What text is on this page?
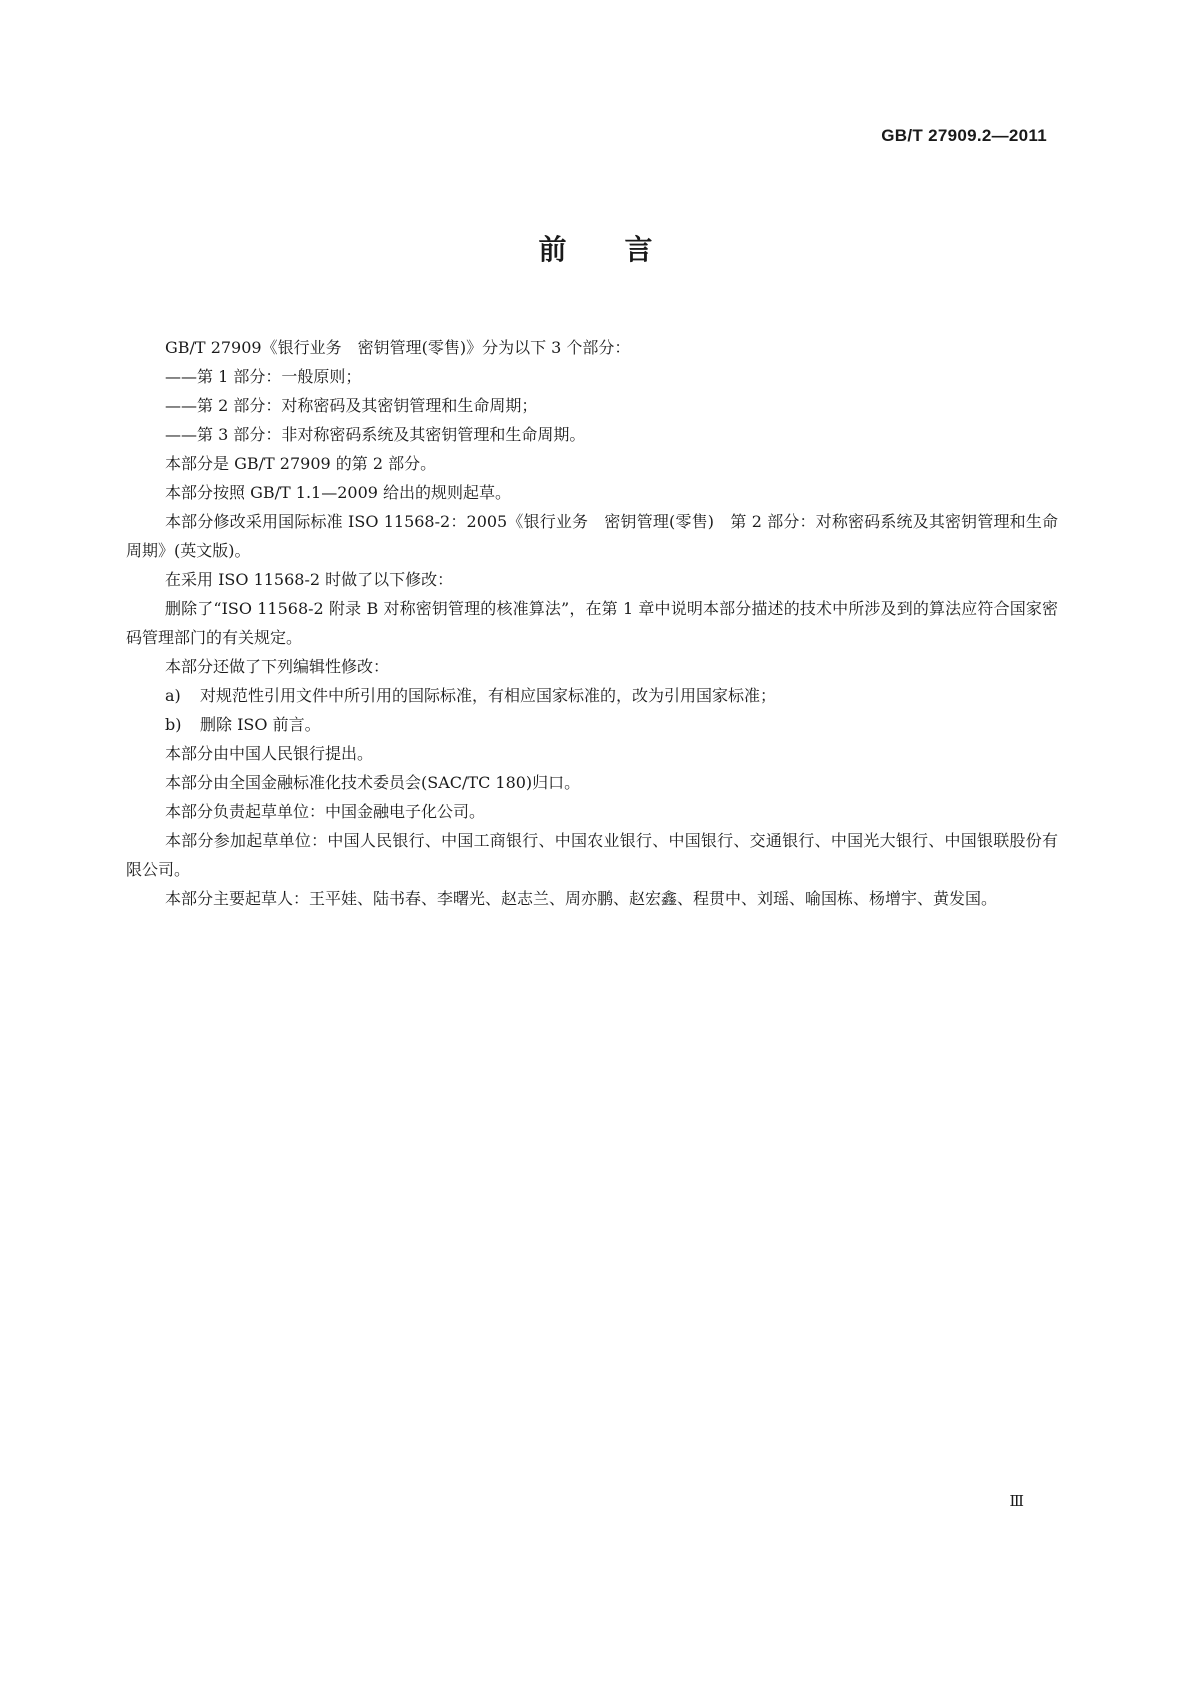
GB/T 27909.2—2011
前言

GB/T 27909《银行业务　密钥管理(零售)》分为以下 3 个部分：

——第 1 部分：一般原则；

——第 2 部分：对称密码及其密钥管理和生命周期；

——第 3 部分：非对称密码系统及其密钥管理和生命周期。

本部分是 GB/T 27909 的第 2 部分。

本部分按照 GB/T 1.1—2009 给出的规则起草。

本部分修改采用国际标准 ISO 11568-2：2005《银行业务　密钥管理(零售)　第 2 部分：对称密码系统及其密钥管理和生命周期》(英文版)。

在采用 ISO 11568-2 时做了以下修改：

删除了“ISO 11568-2 附录 B 对称密钥管理的核准算法”，在第 1 章中说明本部分描述的技术中所涉及到的算法应符合国家密码管理部门的有关规定。

本部分还做了下列编辑性修改：

a) 对规范性引用文件中所引用的国际标准，有相应国家标准的，改为引用国家标准；

b) 删除 ISO 前言。

本部分由中国人民银行提出。

本部分由全国金融标准化技术委员会(SAC/TC 180)归口。

本部分负责起草单位：中国金融电子化公司。

本部分参加起草单位：中国人民银行、中国工商银行、中国农业银行、中国银行、交通银行、中国光大银行、中国银联股份有限公司。

本部分主要起草人：王平娃、陆书春、李曙光、赵志兰、周亦鹏、赵宏鑫、程贯中、刘瑶、喻国栋、杨增宇、黄发国。

Ⅲ
